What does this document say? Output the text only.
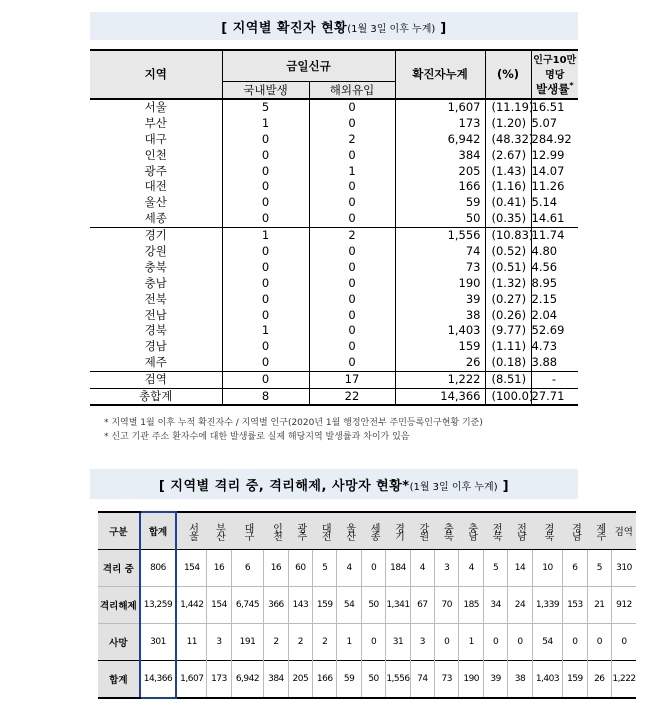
[ 지역별 확진자 현황(1월 3일 이후 누계) ]
지역	금일신규		확진자누계	(%)	인구10만명당
	국내발생	해외유입			발생률*
서울	5	0	1,607	(11.19)	16.51
부산	1	0	173	(1.20)	5.07
대구	0	2	6,942	(48.32)	284.92
인천	0	0	384	(2.67)	12.99
광주	0	1	205	(1.43)	14.07
대전	0	0	166	(1.16)	11.26
울산	0	0	59	(0.41)	5.14
세종	0	0	50	(0.35)	14.61
경기	1	2	1,556	(10.83)	11.74
강원	0	0	74	(0.52)	4.80
충북	0	0	73	(0.51)	4.56
충남	0	0	190	(1.32)	8.95
전북	0	0	39	(0.27)	2.15
전남	0	0	38	(0.26)	2.04
경북	1	0	1,403	(9.77)	52.69
경남	0	0	159	(1.11)	4.73
제주	0	0	26	(0.18)	3.88
검역	0	17	1,222	(8.51)	-
총합계	8	22	14,366	(100.0)	27.71
* 지역별 1월 이후 누적 확진자수 / 지역별 인구(2020년 1월 행정안전부 주민등록인구현황 기준)
* 신고 기관 주소 환자수에 대한 발생률로 실제 해당지역 발생률과 차이가 있음
[ 지역별 격리 중, 격리해제, 사망자 현황*(1월 3일 이후 누계) ]
구분	합계	서울	부산	대구	인천	광주	대전	울산	세종	경기	강원	충북	충남	전북	전남	경북	경남	제주	검역
격리 중	806	154	16	6	16	60	5	4	0	184	4	3	4	5	14	10	6	5	310
격리해제	13,259	1,442	154	6,745	366	143	159	54	50	1,341	67	70	185	34	24	1,339	153	21	912
사망	301	11	3	191	2	2	2	1	0	31	3	0	1	0	0	54	0	0	0
합계	14,366	1,607	173	6,942	384	205	166	59	50	1,556	74	73	190	39	38	1,403	159	26	1,222
